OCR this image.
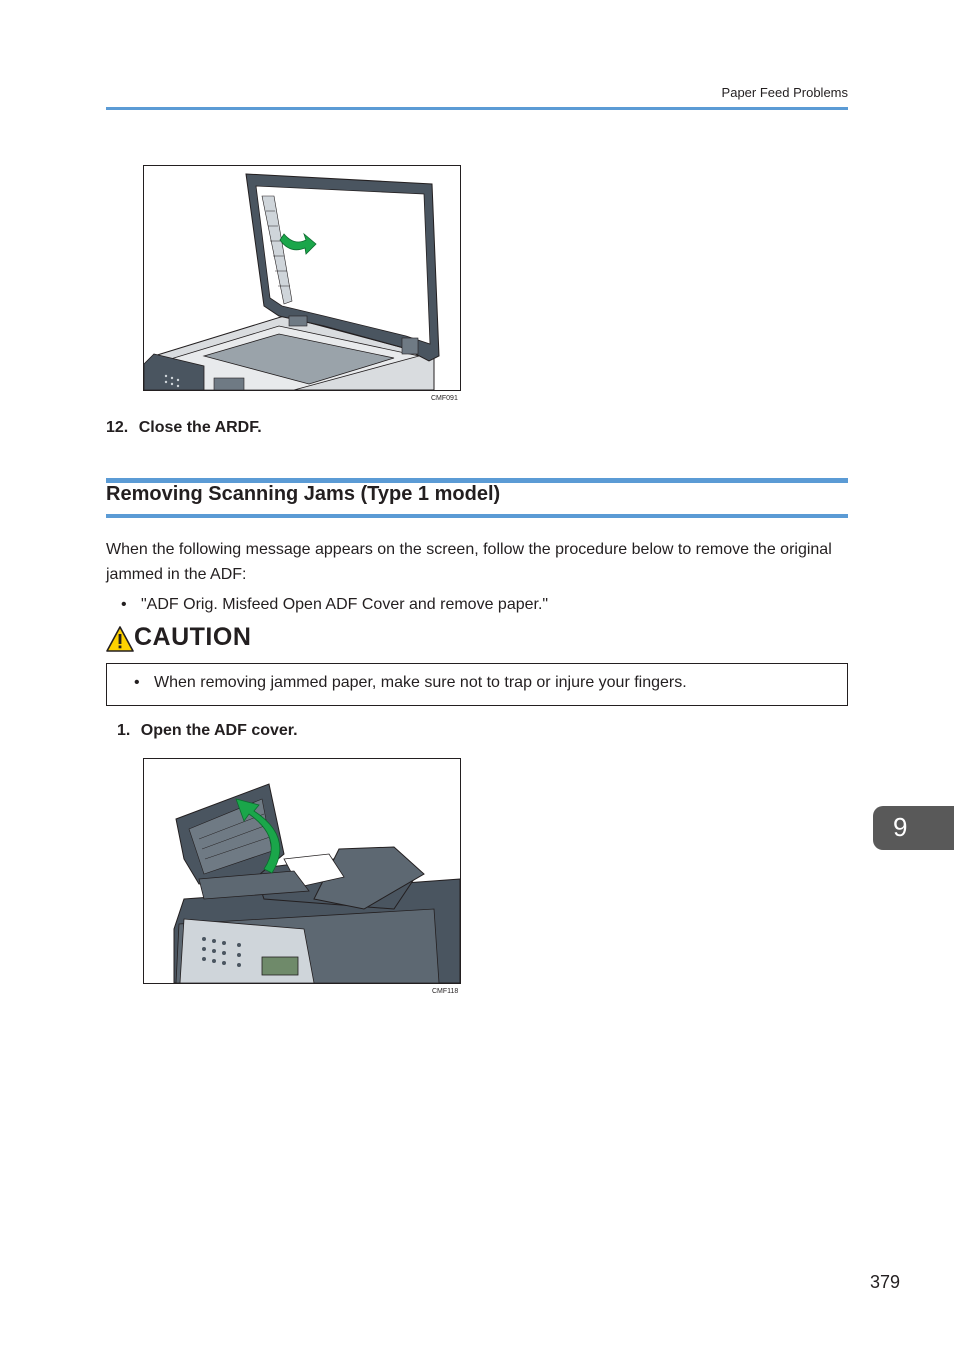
Paper Feed Problems
CMF091
12. Close the ARDF.
Removing Scanning Jams (Type 1 model)
When the following message appears on the screen, follow the procedure below to remove the original jammed in the ADF:
• "ADF Orig. Misfeed Open ADF Cover and remove paper."
CAUTION
• When removing jammed paper, make sure not to trap or injure your fingers.
1. Open the ADF cover.
CMF118
9
379
